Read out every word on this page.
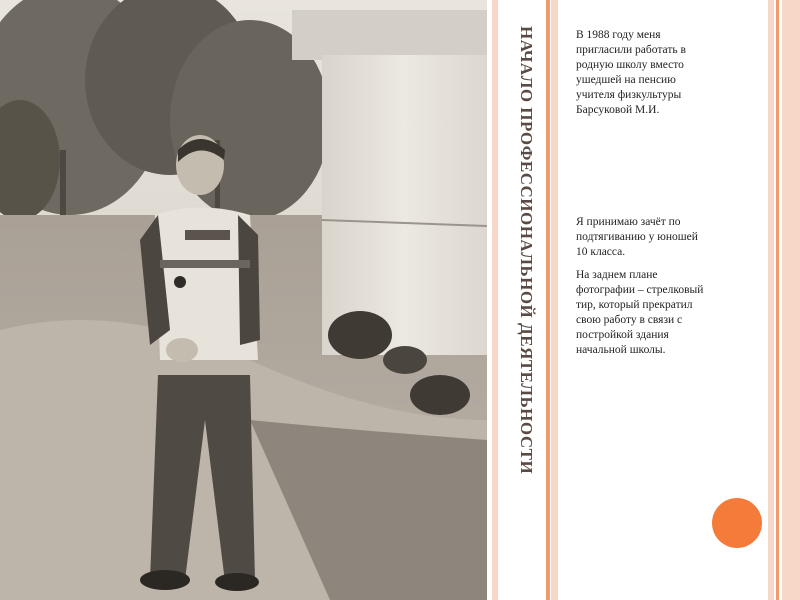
НАЧАЛО ПРОФЕССИОНАЛЬНОЙ ДЕЯТЕЛЬНОСТИ	В 1988 году меня пригласили работать в родную школу вместо ушедшей на пенсию учителя физкультуры Барсуковой М.И.

Я принимаю зачёт по подтягиванию у юношей 10 класса.

На заднем плане фотографии – стрелковый тир, который прекратил свою работу в связи с постройкой здания начальной школы.
